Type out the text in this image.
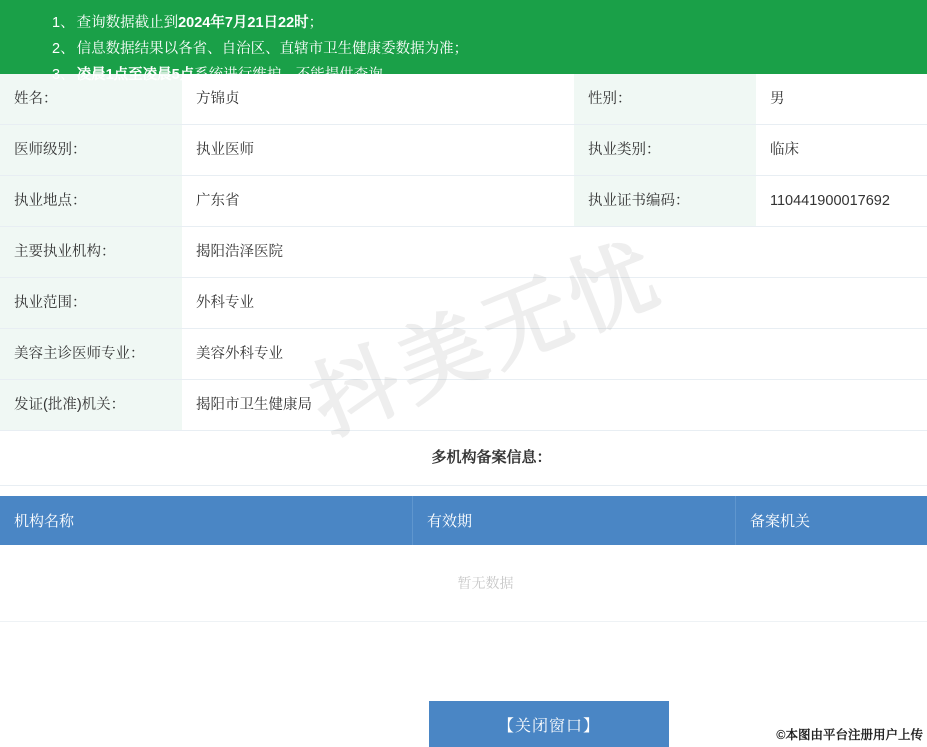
1、 查询数据截止到2024年7月21日22时；
2、 信息数据结果以各省、自治区、直辖市卫生健康委数据为准；
3、 凌晨1点至凌晨5点系统进行维护，不能提供查询。
姓名：	方锦贞	性别：	男
医师级别：	执业医师	执业类别：	临床
执业地点：	广东省	执业证书编码：	110441900017692
主要执业机构：	揭阳浩泽医院		
执业范围：	外科专业		
美容主诊医师专业：	美容外科专业		
发证(批准)机关：	揭阳市卫生健康局		
多机构备案信息：			
机构名称	有效期	备案机关
暂无数据
【关闭窗口】
©本图由平台注册用户上传
